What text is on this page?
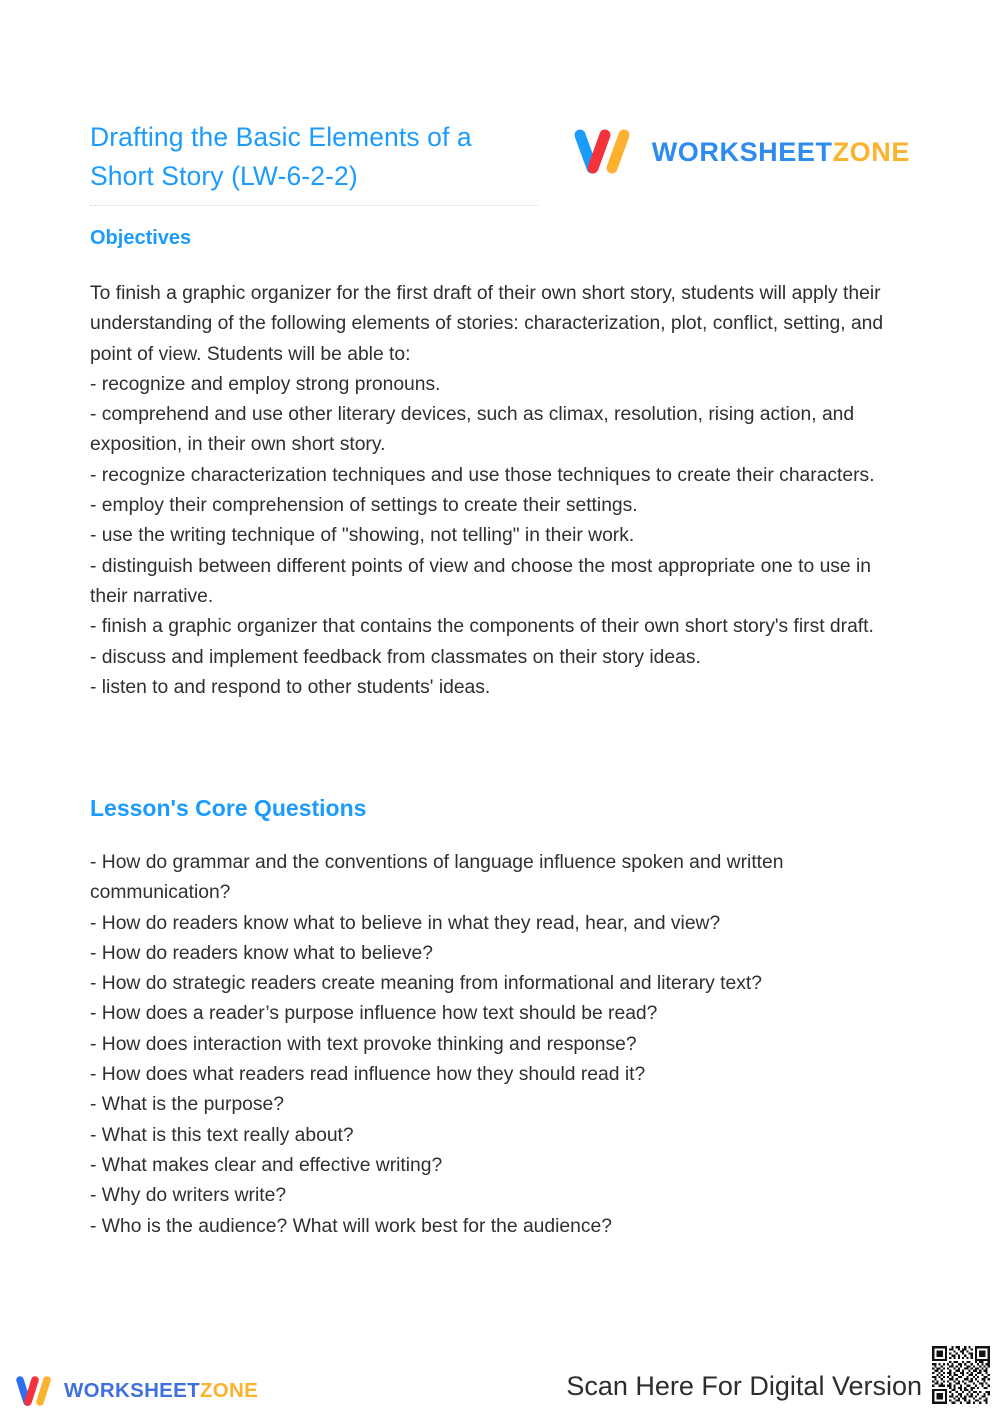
Drafting the Basic Elements of a Short Story (LW-6-2-2)
WORKSHEETZONE
Objectives

To finish a graphic organizer for the first draft of their own short story, students will apply their understanding of the following elements of stories: characterization, plot, conflict, setting, and point of view. Students will be able to:

- recognize and employ strong pronouns.

- comprehend and use other literary devices, such as climax, resolution, rising action, and exposition, in their own short story.

- recognize characterization techniques and use those techniques to create their characters.

- employ their comprehension of settings to create their settings.

- use the writing technique of "showing, not telling" in their work.

- distinguish between different points of view and choose the most appropriate one to use in their narrative.

- finish a graphic organizer that contains the components of their own short story's first draft.

- discuss and implement feedback from classmates on their story ideas.

- listen to and respond to other students' ideas.

Lesson's Core Questions

- How do grammar and the conventions of language influence spoken and written communication?

- How do readers know what to believe in what they read, hear, and view?

- How do readers know what to believe?

- How do strategic readers create meaning from informational and literary text?

- How does a reader’s purpose influence how text should be read?

- How does interaction with text provoke thinking and response?

- How does what readers read influence how they should read it?

- What is the purpose?

- What is this text really about?

- What makes clear and effective writing?

- Why do writers write?

- Who is the audience? What will work best for the audience?

WORKSHEETZONE	Scan Here For Digital Version
